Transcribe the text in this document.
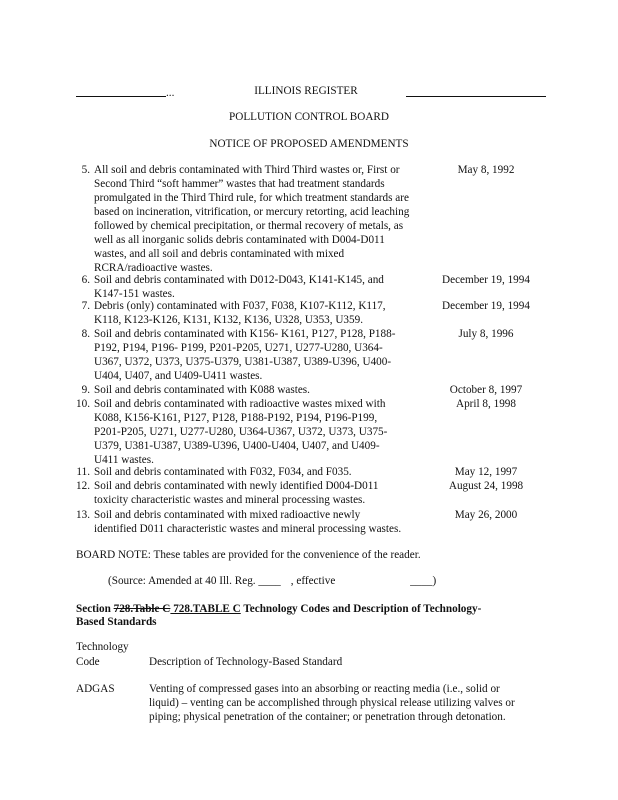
...	ILLINOIS REGISTER
POLLUTION CONTROL BOARD
NOTICE OF PROPOSED AMENDMENTS
5. All soil and debris contaminated with Third Third wastes or, First or
Second Third “soft hammer” wastes that had treatment standards
promulgated in the Third Third rule, for which treatment standards are
based on incineration, vitrification, or mercury retorting, acid leaching
followed by chemical precipitation, or thermal recovery of metals, as
well as all inorganic solids debris contaminated with D004-D011
wastes, and all soil and debris contaminated with mixed
RCRA/radioactive wastes.
May 8, 1992
6. Soil and debris contaminated with D012-D043, K141-K145, and
K147-151 wastes.
December 19, 1994
7. Debris (only) contaminated with F037, F038, K107-K112, K117,
K118, K123-K126, K131, K132, K136, U328, U353, U359.
December 19, 1994
8. Soil and debris contaminated with K156- K161, P127, P128, P188-
P192, P194, P196- P199, P201-P205, U271, U277-U280, U364-
U367, U372, U373, U375-U379, U381-U387, U389-U396, U400-
U404, U407, and U409-U411 wastes.
July 8, 1996
9. Soil and debris contaminated with K088 wastes.	October 8, 1997
10. Soil and debris contaminated with radioactive wastes mixed with
K088, K156-K161, P127, P128, P188-P192, P194, P196-P199,
P201-P205, U271, U277-U280, U364-U367, U372, U373, U375-
U379, U381-U387, U389-U396, U400-U404, U407, and U409-
U411 wastes.
April 8, 1998
11. Soil and debris contaminated with F032, F034, and F035.	May 12, 1997
12. Soil and debris contaminated with newly identified D004-D011
toxicity characteristic wastes and mineral processing wastes.
August 24, 1998
13. Soil and debris contaminated with mixed radioactive newly
identified D011 characteristic wastes and mineral processing wastes.
May 26, 2000
BOARD NOTE: These tables are provided for the convenience of the reader.
(Source: Amended at 40 Ill. Reg. ____ , effective	____)
Section 728.Table C 728.TABLE C Technology Codes and Description of Technology-
Based Standards
Technology
Code	Description of Technology-Based Standard
ADGAS	Venting of compressed gases into an absorbing or reacting media (i.e., solid or
liquid) – venting can be accomplished through physical release utilizing valves or
piping; physical penetration of the container; or penetration through detonation.
